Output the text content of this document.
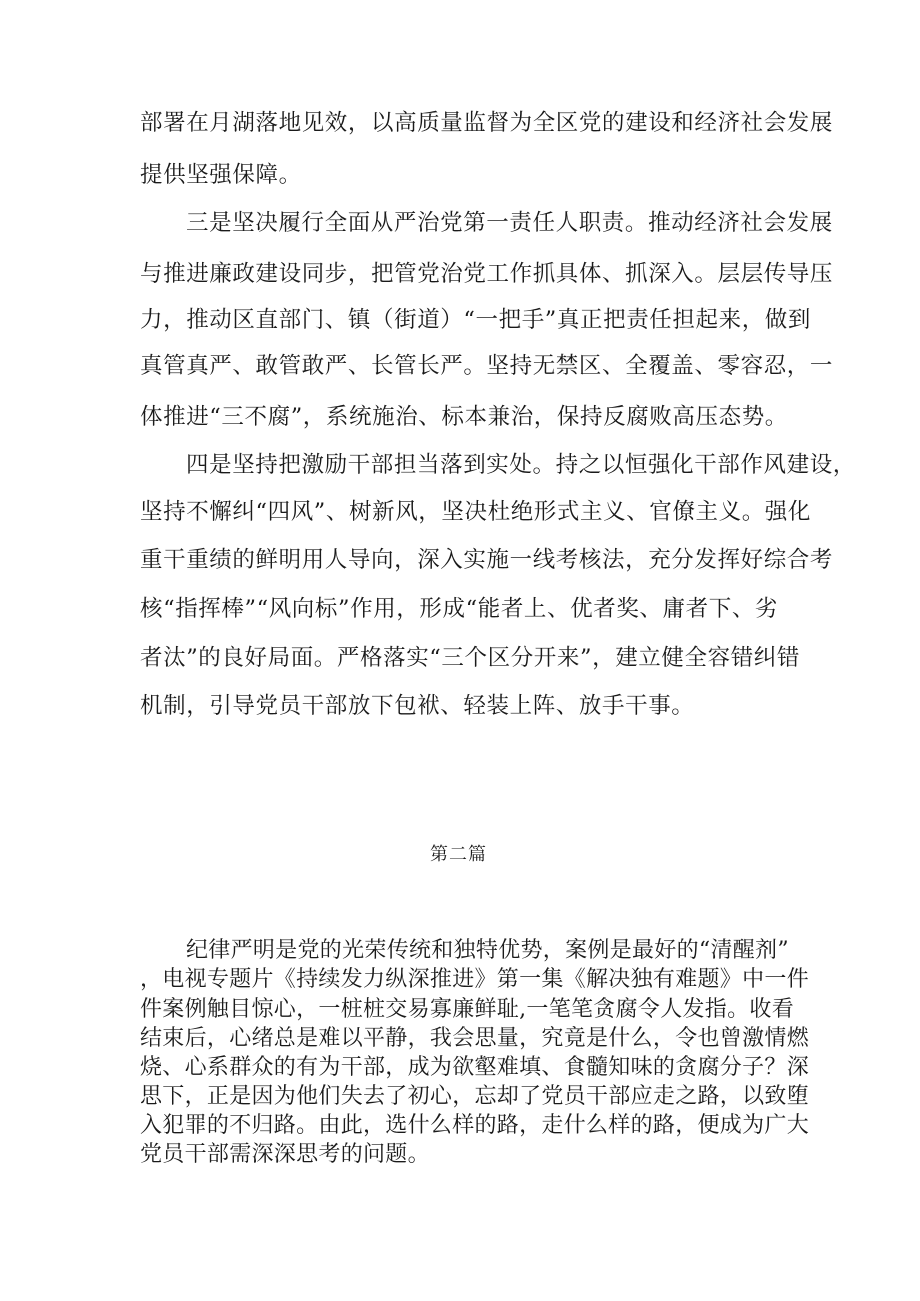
部署在月湖落地见效，以高质量监督为全区党的建设和经济社会发展
提供坚强保障。
三是坚决履行全面从严治党第一责任人职责。推动经济社会发展
与推进廉政建设同步，把管党治党工作抓具体、抓深入。层层传导压
力，推动区直部门、镇（街道）“一把手”真正把责任担起来，做到
真管真严、敢管敢严、长管长严。坚持无禁区、全覆盖、零容忍，一
体推进“三不腐”，系统施治、标本兼治，保持反腐败高压态势。
四是坚持把激励干部担当落到实处。持之以恒强化干部作风建设，
坚持不懈纠“四风”、树新风，坚决杜绝形式主义、官僚主义。强化
重干重绩的鲜明用人导向，深入实施一线考核法，充分发挥好综合考
核“指挥棒”“风向标”作用，形成“能者上、优者奖、庸者下、劣
者汰”的良好局面。严格落实“三个区分开来”，建立健全容错纠错
机制，引导党员干部放下包袱、轻装上阵、放手干事。
第二篇
纪律严明是党的光荣传统和独特优势，案例是最好的“清醒剂”
，电视专题片《持续发力纵深推进》第一集《解决独有难题》中一件
件案例触目惊心，一桩桩交易寡廉鲜耻,一笔笔贪腐令人发指。收看
结束后，心绪总是难以平静，我会思量，究竟是什么，令也曾激情燃
烧、心系群众的有为干部，成为欲壑难填、食髓知味的贪腐分子？深
思下，正是因为他们失去了初心，忘却了党员干部应走之路，以致堕
入犯罪的不归路。由此，选什么样的路，走什么样的路，便成为广大
党员干部需深深思考的问题。
